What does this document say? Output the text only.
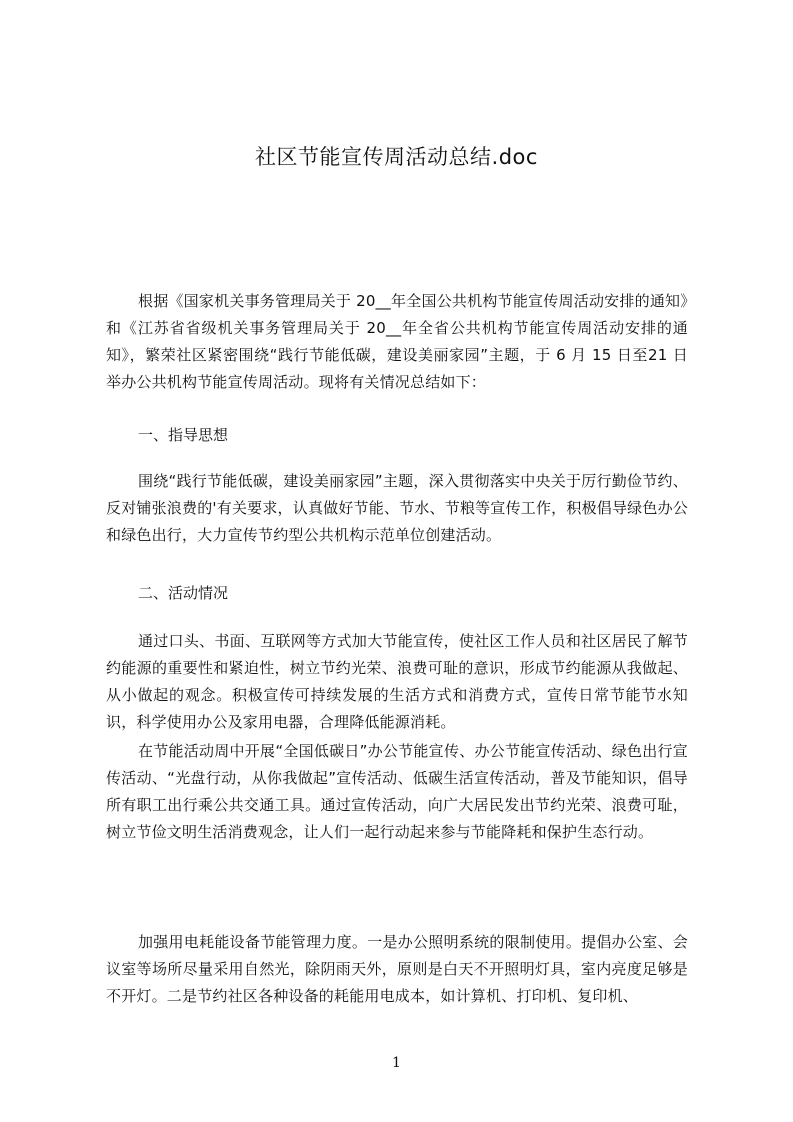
社区节能宣传周活动总结.doc

根据《国家机关事务管理局关于 20__年全国公共机构节能宣传周活动安排的通知》和《江苏省省级机关事务管理局关于 20__年全省公共机构节能宣传周活动安排的通知》，繁荣社区紧密围绕“践行节能低碳，建设美丽家园”主题，于 6 月 15 日至21 日举办公共机构节能宣传周活动。现将有关情况总结如下：

一、指导思想

围绕“践行节能低碳，建设美丽家园”主题，深入贯彻落实中央关于厉行勤俭节约、反对铺张浪费的'有关要求，认真做好节能、节水、节粮等宣传工作，积极倡导绿色办公和绿色出行，大力宣传节约型公共机构示范单位创建活动。

二、活动情况

通过口头、书面、互联网等方式加大节能宣传，使社区工作人员和社区居民了解节约能源的重要性和紧迫性，树立节约光荣、浪费可耻的意识，形成节约能源从我做起、从小做起的观念。积极宣传可持续发展的生活方式和消费方式，宣传日常节能节水知识，科学使用办公及家用电器，合理降低能源消耗。

在节能活动周中开展“全国低碳日”办公节能宣传、办公节能宣传活动、绿色出行宣传活动、“光盘行动，从你我做起”宣传活动、低碳生活宣传活动，普及节能知识，倡导所有职工出行乘公共交通工具。通过宣传活动，向广大居民发出节约光荣、浪费可耻，树立节俭文明生活消费观念，让人们一起行动起来参与节能降耗和保护生态行动。

加强用电耗能设备节能管理力度。一是办公照明系统的限制使用。提倡办公室、会议室等场所尽量采用自然光，除阴雨天外，原则是白天不开照明灯具，室内亮度足够是不开灯。二是节约社区各种设备的耗能用电成本，如计算机、打印机、复印机、

1
